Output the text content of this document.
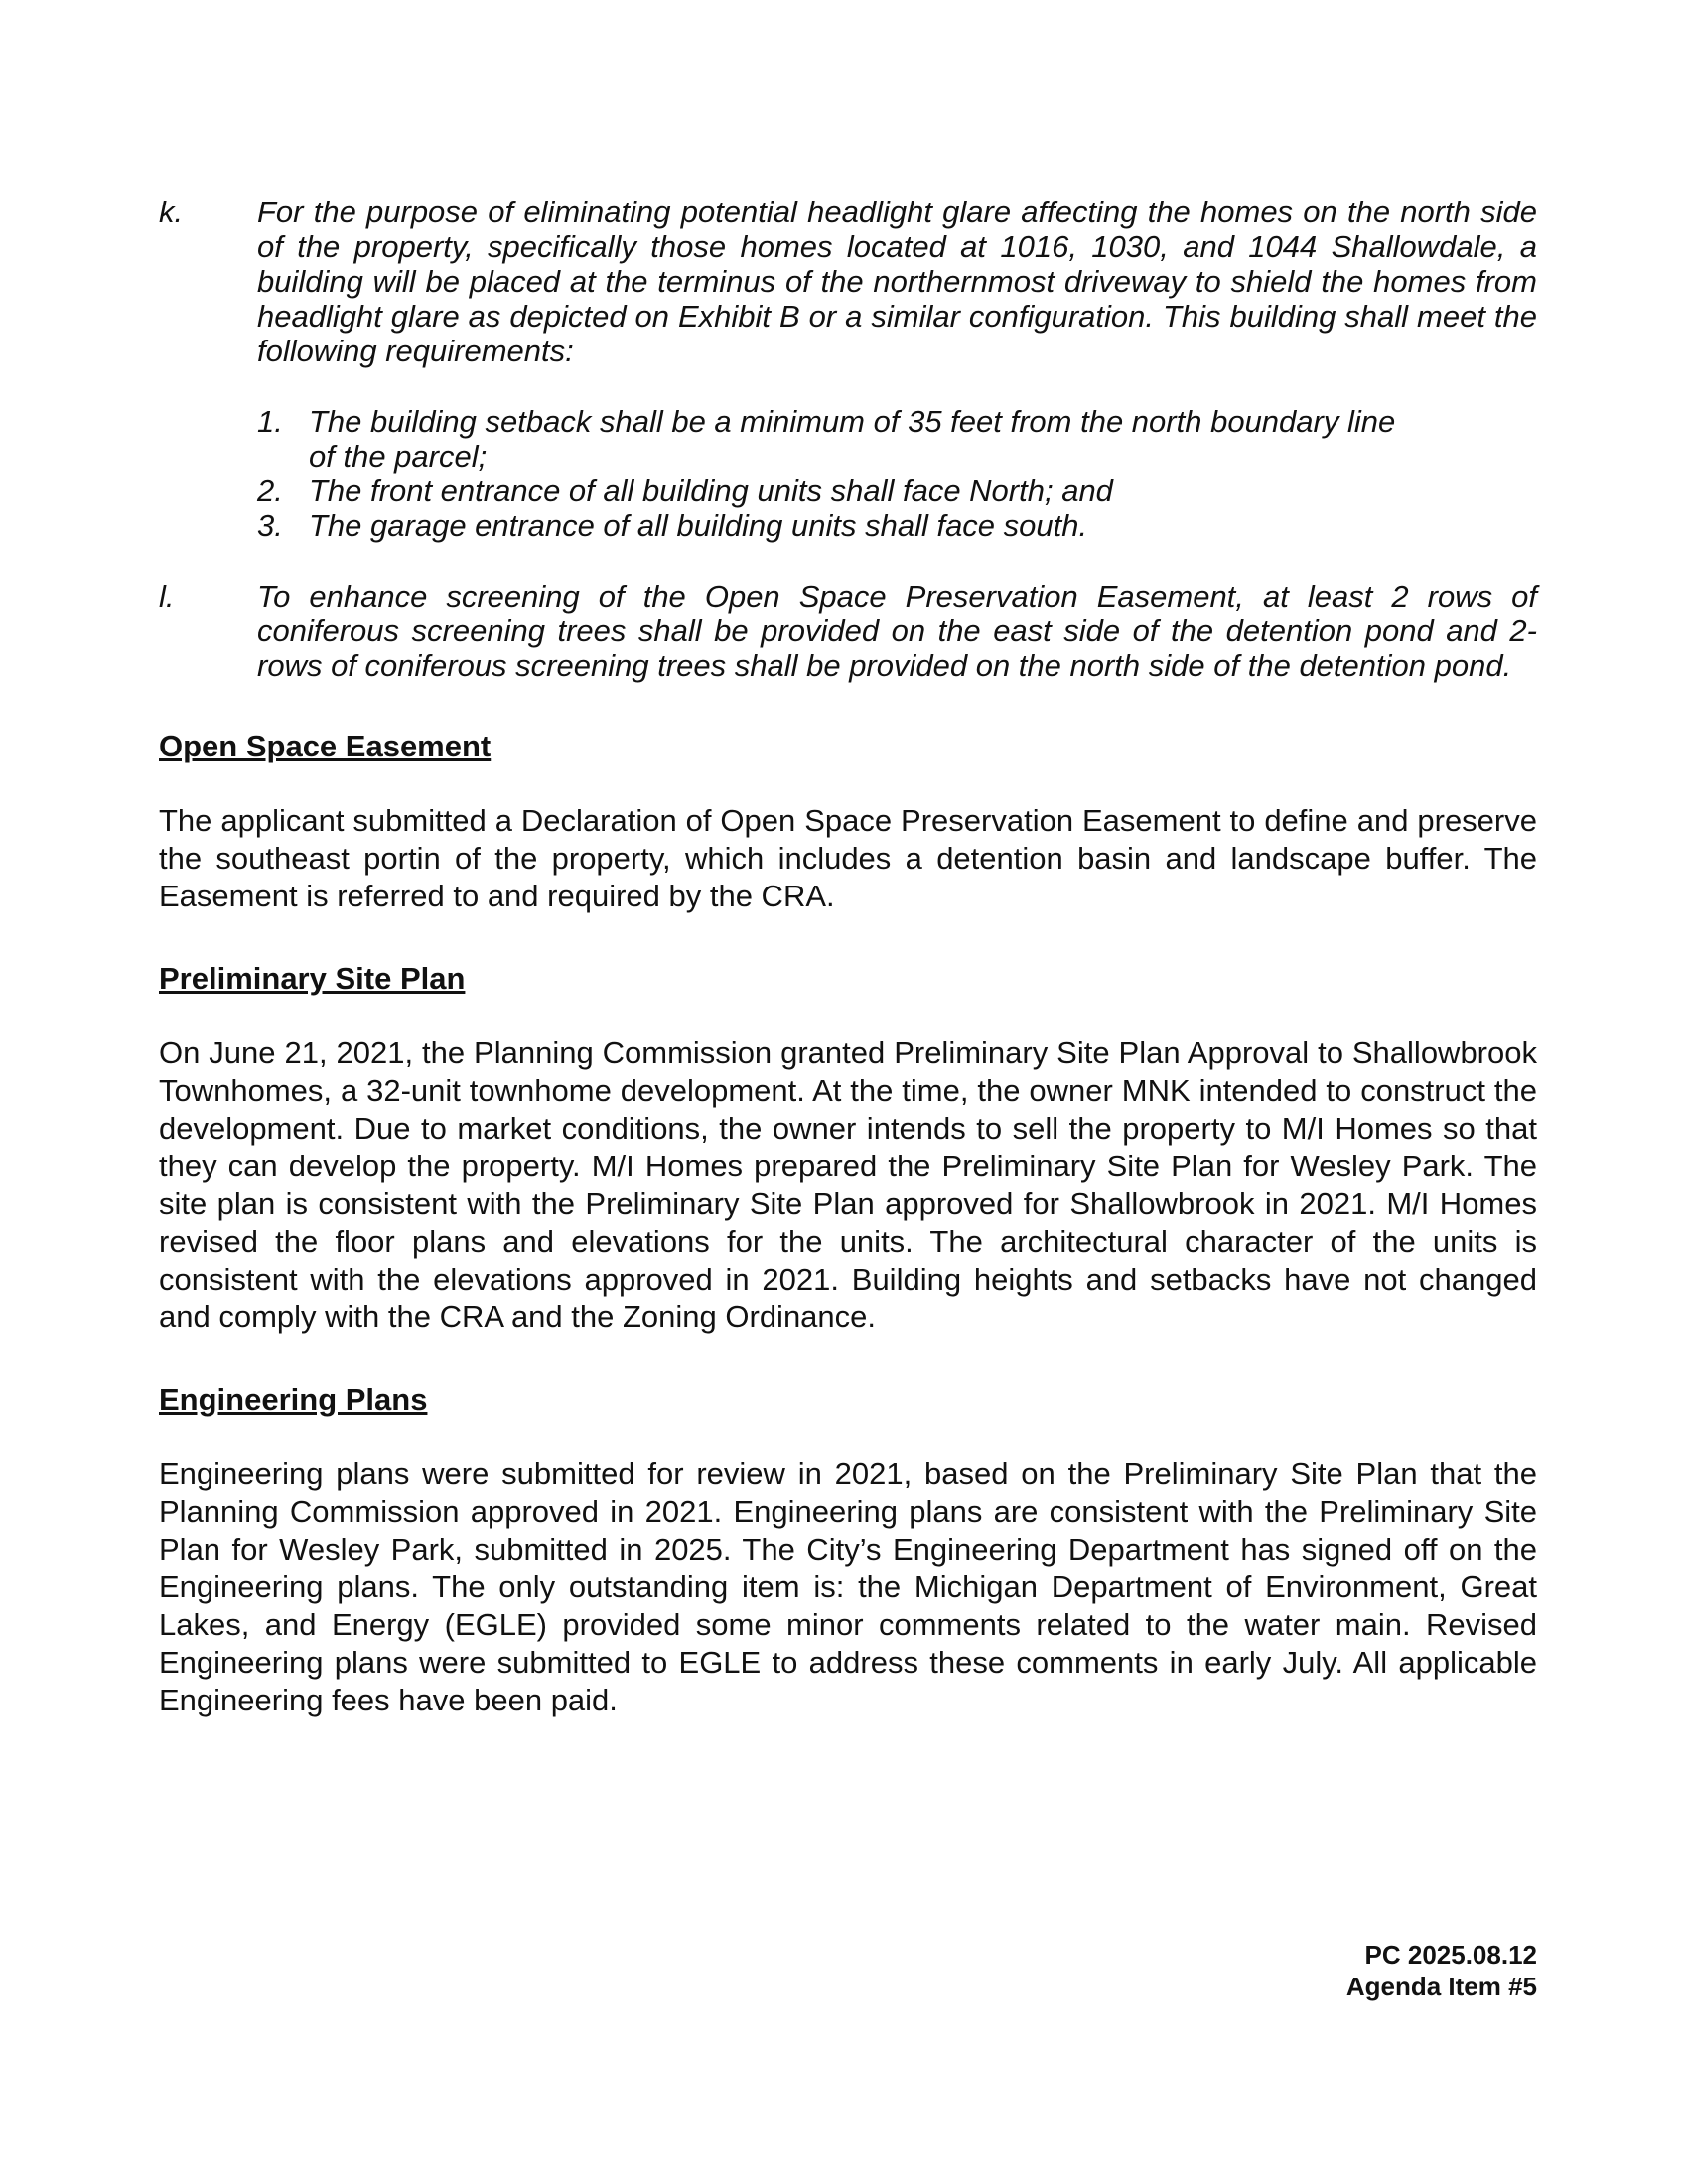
k.	For the purpose of eliminating potential headlight glare affecting the homes on the north side of the property, specifically those homes located at 1016, 1030, and 1044 Shallowdale, a building will be placed at the terminus of the northernmost driveway to shield the homes from headlight glare as depicted on Exhibit B or a similar configuration. This building shall meet the following requirements:

1. The building setback shall be a minimum of 35 feet from the north boundary line of the parcel;
2. The front entrance of all building units shall face North; and
3. The garage entrance of all building units shall face south.
l.	To enhance screening of the Open Space Preservation Easement, at least 2 rows of coniferous screening trees shall be provided on the east side of the detention pond and 2-rows of coniferous screening trees shall be provided on the north side of the detention pond.

Open Space Easement

The applicant submitted a Declaration of Open Space Preservation Easement to define and preserve the southeast portin of the property, which includes a detention basin and landscape buffer. The Easement is referred to and required by the CRA.

Preliminary Site Plan

On June 21, 2021, the Planning Commission granted Preliminary Site Plan Approval to Shallowbrook Townhomes, a 32-unit townhome development. At the time, the owner MNK intended to construct the development. Due to market conditions, the owner intends to sell the property to M/I Homes so that they can develop the property. M/I Homes prepared the Preliminary Site Plan for Wesley Park. The site plan is consistent with the Preliminary Site Plan approved for Shallowbrook in 2021. M/I Homes revised the floor plans and elevations for the units. The architectural character of the units is consistent with the elevations approved in 2021. Building heights and setbacks have not changed and comply with the CRA and the Zoning Ordinance.

Engineering Plans

Engineering plans were submitted for review in 2021, based on the Preliminary Site Plan that the Planning Commission approved in 2021. Engineering plans are consistent with the Preliminary Site Plan for Wesley Park, submitted in 2025. The City’s Engineering Department has signed off on the Engineering plans. The only outstanding item is: the Michigan Department of Environment, Great Lakes, and Energy (EGLE) provided some minor comments related to the water main. Revised Engineering plans were submitted to EGLE to address these comments in early July. All applicable Engineering fees have been paid.

PC 2025.08.12
Agenda Item #5
